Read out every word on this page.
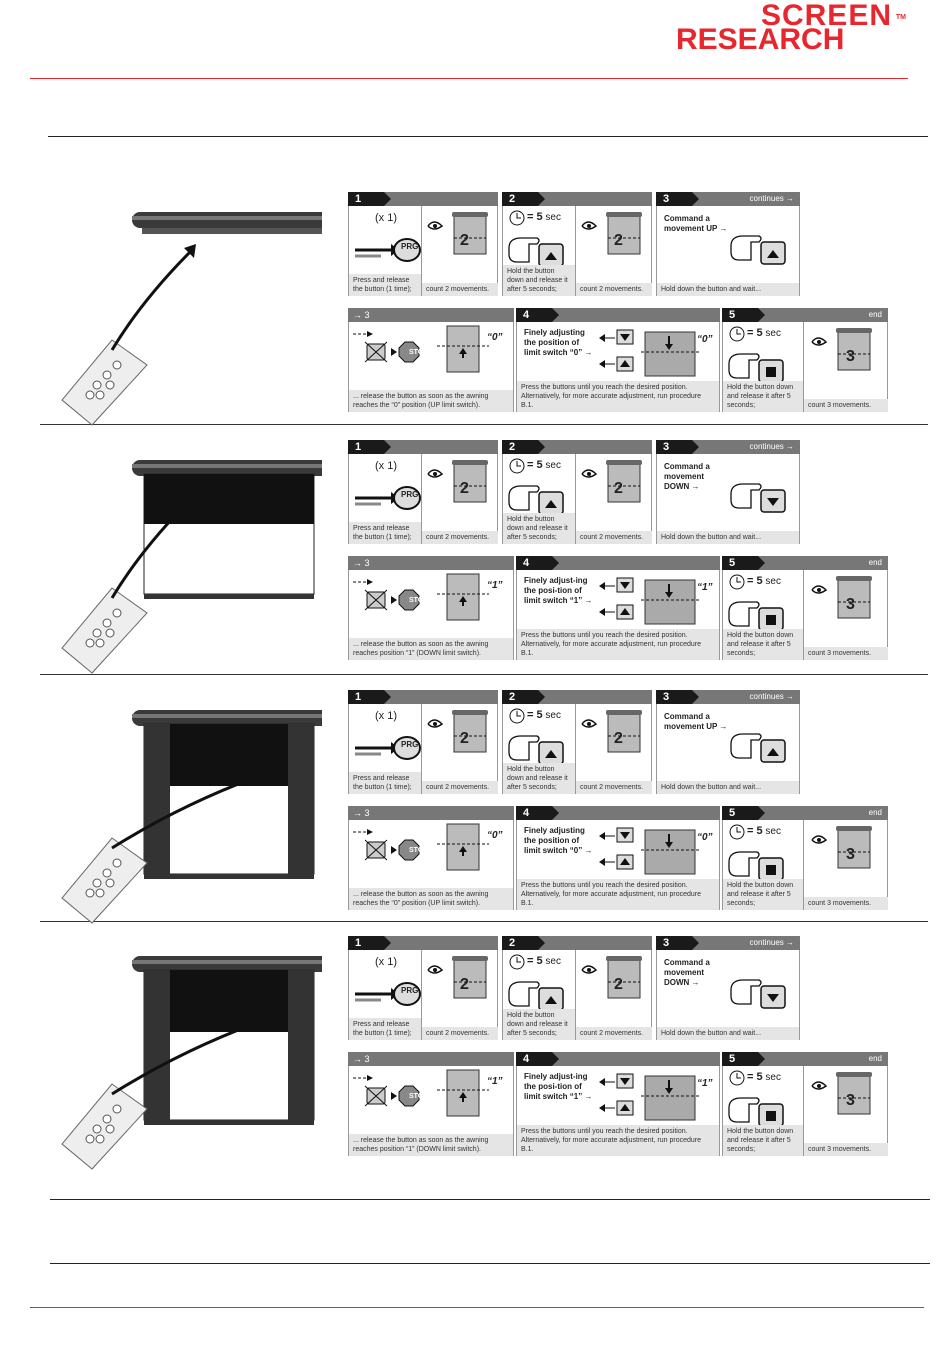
SCREEN
RESEARCH
TM
1
(x 1)
PRG
Press and release the button (1 time);
2
count 2 movements.
2
= 5 sec
Hold the button down and release it after 5 seconds;
2
count 2 movements.
3	continues →
Command a movement UP →
Hold down the button and wait...
→ 3
STOP
“0”
... release the button as soon as the awning reaches the “0” position (UP limit switch).
4
Finely adjusting the position of limit switch “0” →
“0”
Press the buttons until you reach the desired position. Alternatively, for more accurate adjustment, run procedure B.1.
5	end
= 5 sec
Hold the button down and release it after 5 seconds;
3
count 3 movements.
1
(x 1)
PRG
Press and release the button (1 time);
2
count 2 movements.
2
= 5 sec
Hold the button down and release it after 5 seconds;
2
count 2 movements.
3	continues →
Command a movement DOWN →
Hold down the button and wait...
→ 3
STOP
“1”
... release the button as soon as the awning reaches position “1” (DOWN limit switch).
4
Finely adjust-ing the posi-tion of limit switch “1” →
“1”
Press the buttons until you reach the desired position. Alternatively, for more accurate adjustment, run procedure B.1.
5	end
= 5 sec
Hold the button down and release it after 5 seconds;
3
count 3 movements.
1
(x 1)
PRG
Press and release the button (1 time);
2
count 2 movements.
2
= 5 sec
Hold the button down and release it after 5 seconds;
2
count 2 movements.
3	continues →
Command a movement UP →
Hold down the button and wait...
→ 3
STOP
“0”
... release the button as soon as the awning reaches the “0” position (UP limit switch).
4
Finely adjusting the position of limit switch “0” →
“0”
Press the buttons until you reach the desired position. Alternatively, for more accurate adjustment, run procedure B.1.
5	end
= 5 sec
Hold the button down and release it after 5 seconds;
3
count 3 movements.
1
(x 1)
PRG
Press and release the button (1 time);
2
count 2 movements.
2
= 5 sec
Hold the button down and release it after 5 seconds;
2
count 2 movements.
3	continues →
Command a movement DOWN →
Hold down the button and wait...
→ 3
STOP
“1”
... release the button as soon as the awning reaches position “1” (DOWN limit switch).
4
Finely adjust-ing the posi-tion of limit switch “1” →
“1”
Press the buttons until you reach the desired position. Alternatively, for more accurate adjustment, run procedure B.1.
5	end
= 5 sec
Hold the button down and release it after 5 seconds;
3
count 3 movements.
